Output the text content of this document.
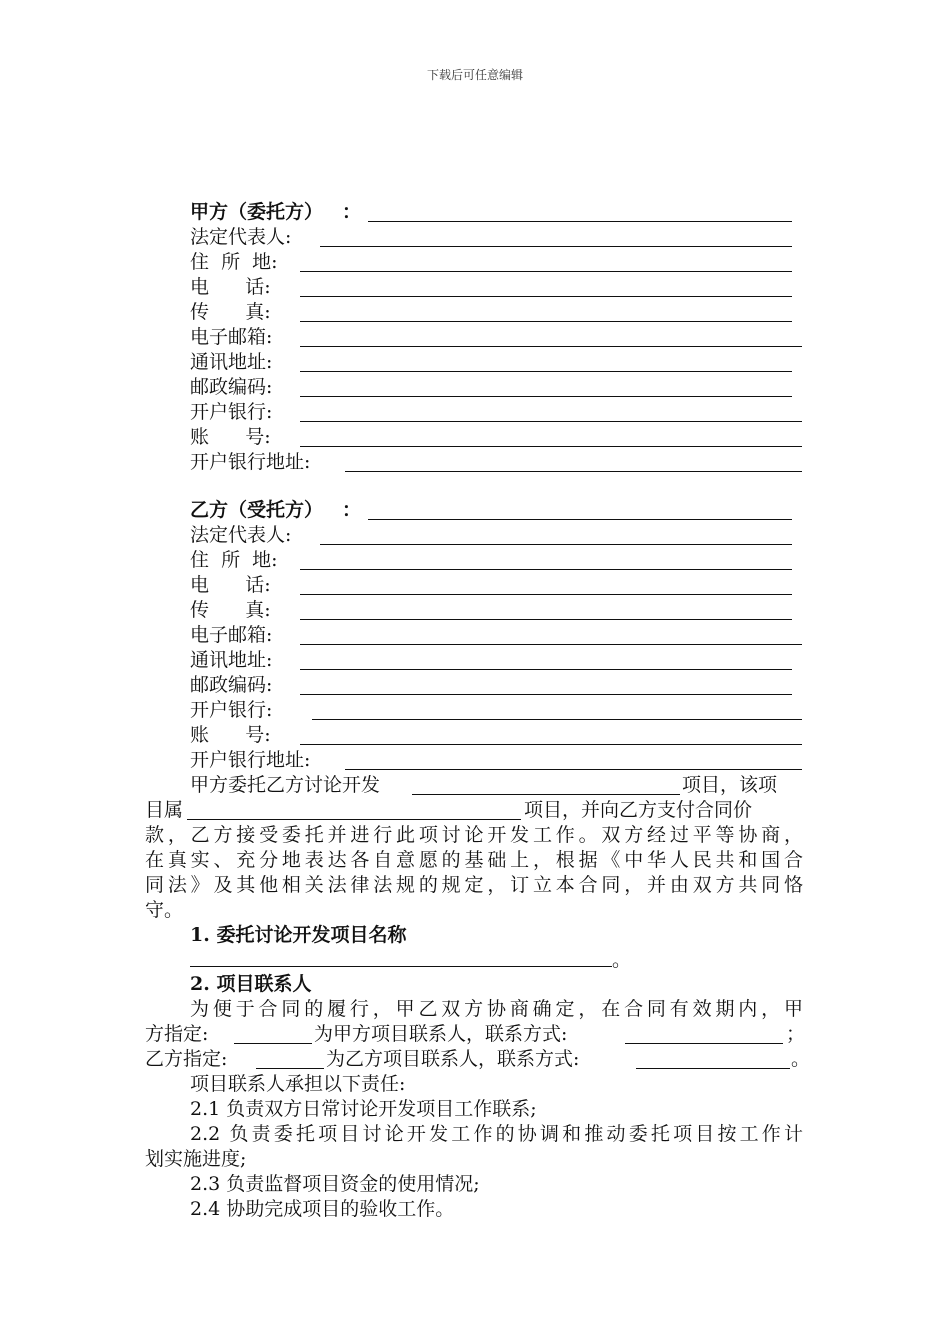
下载后可任意编辑
甲方（委托方） ：
法定代表人:
住  所  地:
电      话:
传      真:
电子邮箱:
通讯地址:
邮政编码:
开户银行:
账      号:
开户银行地址:
乙方（受托方） ：
法定代表人:
住  所  地:
电      话:
传      真:
电子邮箱:
通讯地址:
邮政编码:
开户银行:
账      号:
开户银行地址:
甲方委托乙方讨论开发	项目，该项
目属	项目，并向乙方支付合同价
款，乙方接受委托并进行此项讨论开发工作。双方经过平等协商，
在真实、充分地表达各自意愿的基础上，根据《中华人民共和国合
同法》及其他相关法律法规的规定，订立本合同，并由双方共同恪
守。
1. 委托讨论开发项目名称
。
2. 项目联系人
为便于合同的履行，甲乙双方协商确定，在合同有效期内，甲
方指定:	为甲方项目联系人，联系方式:	；
乙方指定:	为乙方项目联系人，联系方式:	。
项目联系人承担以下责任:
2.1 负责双方日常讨论开发项目工作联系;
2.2 负责委托项目讨论开发工作的协调和推动委托项目按工作计
划实施进度;
2.3 负责监督项目资金的使用情况;
2.4 协助完成项目的验收工作。
